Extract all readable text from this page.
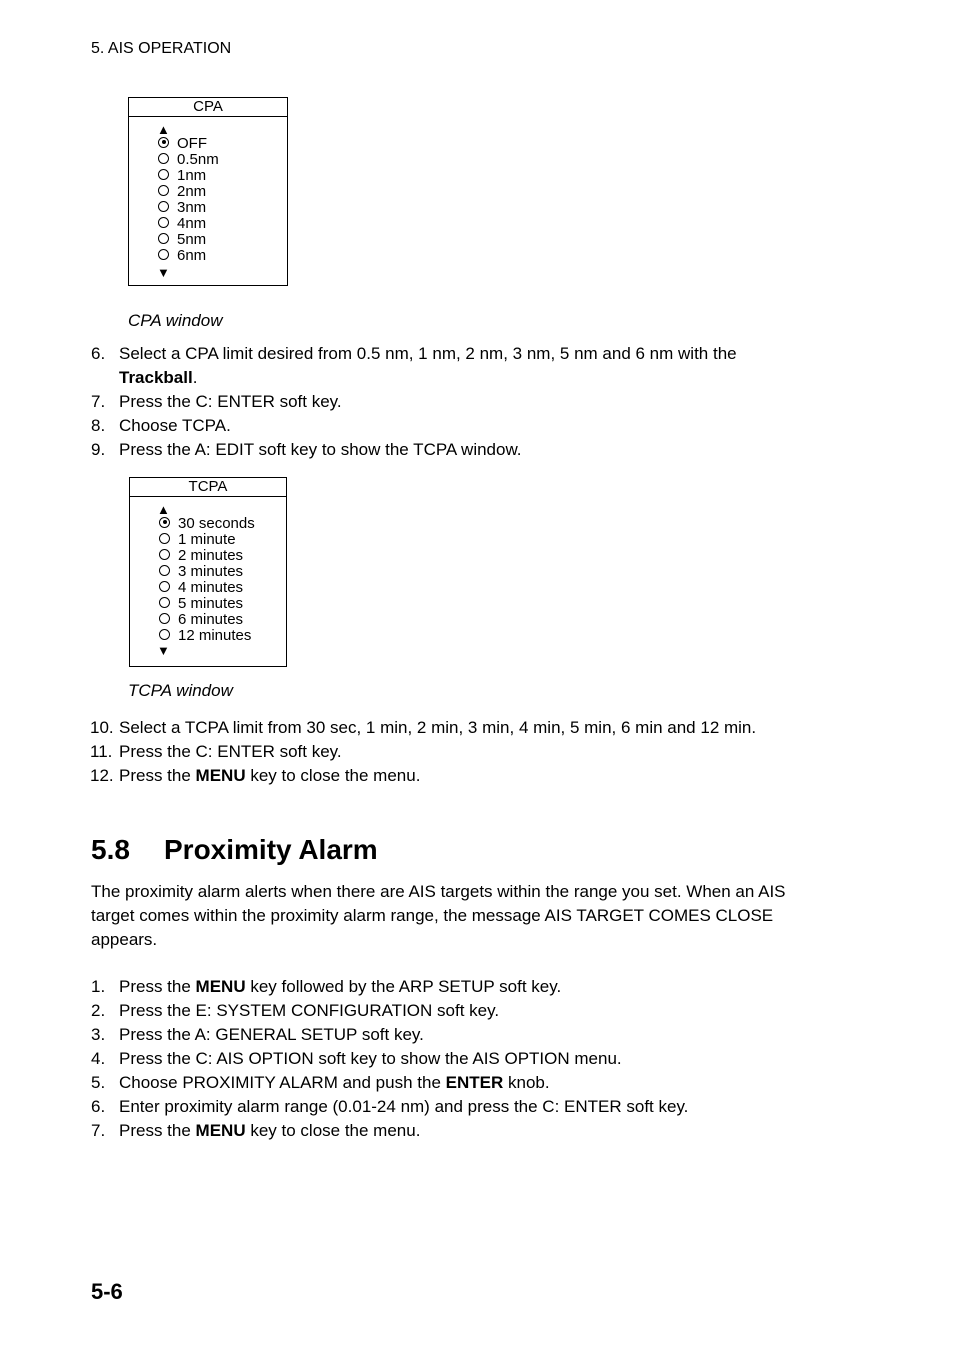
5. AIS OPERATION
CPA
▲
OFF
0.5nm
1nm
2nm
3nm
4nm
5nm
6nm
▼
CPA window
6. Select a CPA limit desired from 0.5 nm, 1 nm, 2 nm, 3 nm, 5 nm and 6 nm with the Trackball.
7. Press the C: ENTER soft key.
8. Choose TCPA.
9. Press the A: EDIT soft key to show the TCPA window.
TCPA
▲
30 seconds
1 minute
2 minutes
3 minutes
4 minutes
5 minutes
6 minutes
12 minutes
▼
TCPA window
10. Select a TCPA limit from 30 sec, 1 min, 2 min, 3 min, 4 min, 5 min, 6 min and 12 min.
11. Press the C: ENTER soft key.
12. Press the MENU key to close the menu.
5.8 Proximity Alarm
The proximity alarm alerts when there are AIS targets within the range you set. When an AIS target comes within the proximity alarm range, the message AIS TARGET COMES CLOSE appears.
1. Press the MENU key followed by the ARP SETUP soft key.
2. Press the E: SYSTEM CONFIGURATION soft key.
3. Press the A: GENERAL SETUP soft key.
4. Press the C: AIS OPTION soft key to show the AIS OPTION menu.
5. Choose PROXIMITY ALARM and push the ENTER knob.
6. Enter proximity alarm range (0.01-24 nm) and press the C: ENTER soft key.
7. Press the MENU key to close the menu.
5-6
